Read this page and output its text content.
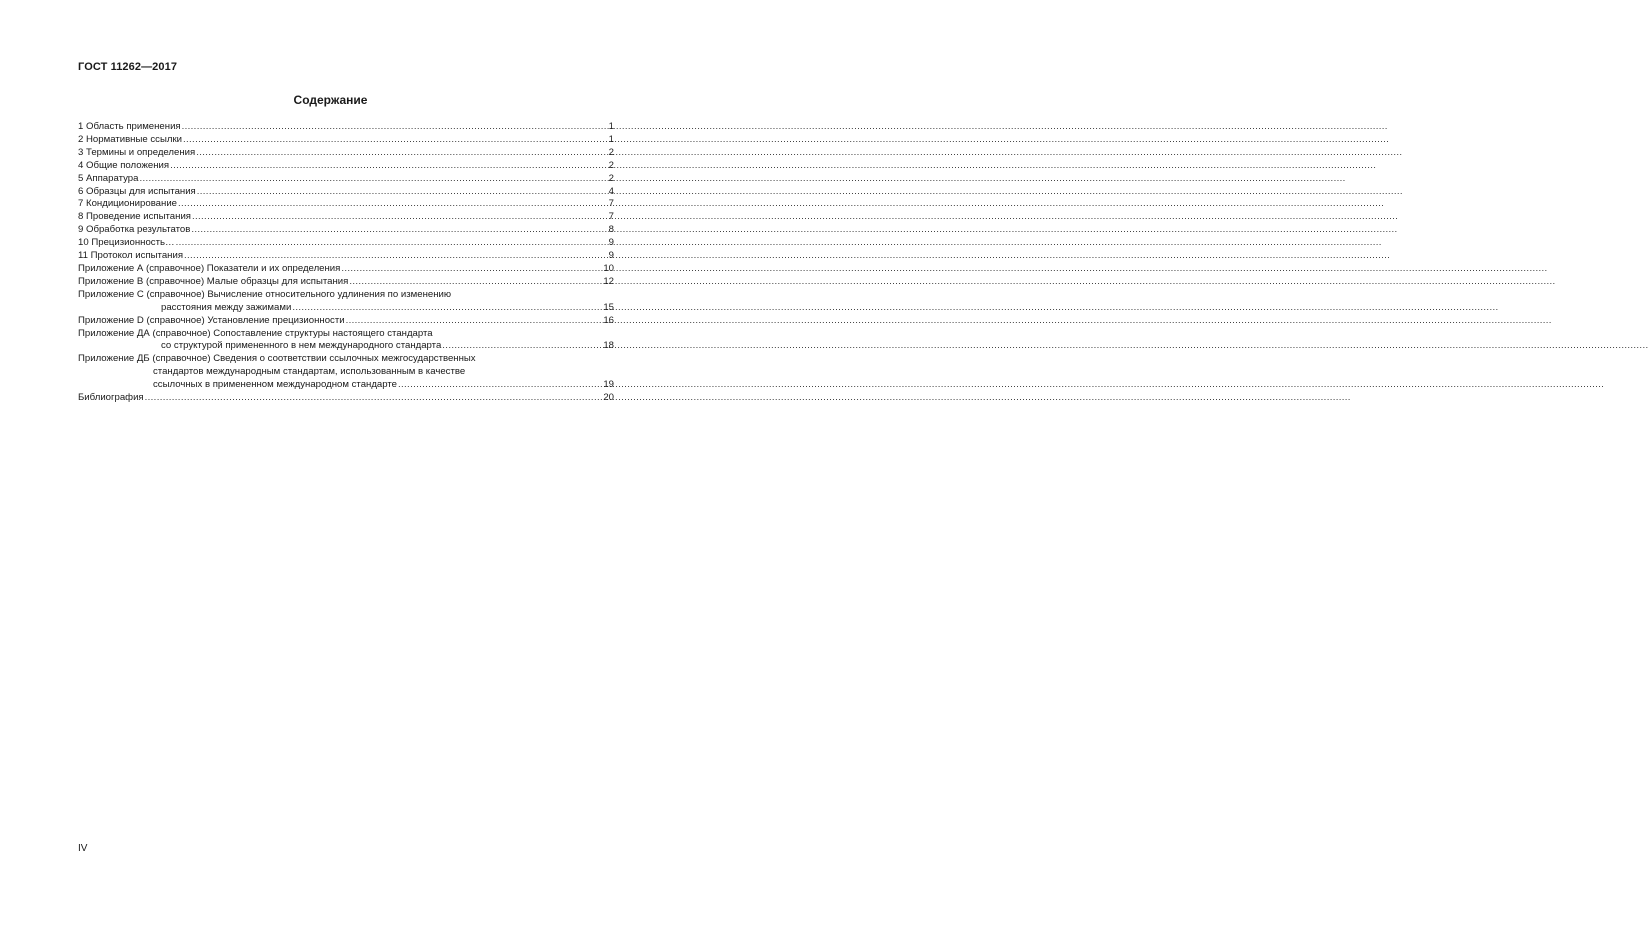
ГОСТ 11262—2017
Содержание
1 Область применения .....	1
2 Нормативные ссылки .....	1
3 Термины и определения .....	2
4 Общие положения .....	2
5 Аппаратура .....	2
6 Образцы для испытания .....	4
7 Кондиционирование .....	7
8 Проведение испытания .....	7
9 Обработка результатов .....	8
10 Прецизионность… .....	9
11 Протокол испытания .....	9
Приложение А (справочное) Показатели и их определения .....	10
Приложение В (справочное) Малые образцы для испытания .....	12
Приложение С (справочное) Вычисление относительного удлинения по изменению
расстояния между зажимами .....	15
Приложение D (справочное) Установление прецизионности .....	16
Приложение ДА (справочное) Сопоставление структуры настоящего стандарта
со структурой примененного в нем международного стандарта .....	18
Приложение ДБ (справочное) Сведения о соответствии ссылочных межгосударственных
стандартов международным стандартам, использованным в качестве
ссылочных в примененном международном стандарте .....	19
Библиография .....	20
IV
